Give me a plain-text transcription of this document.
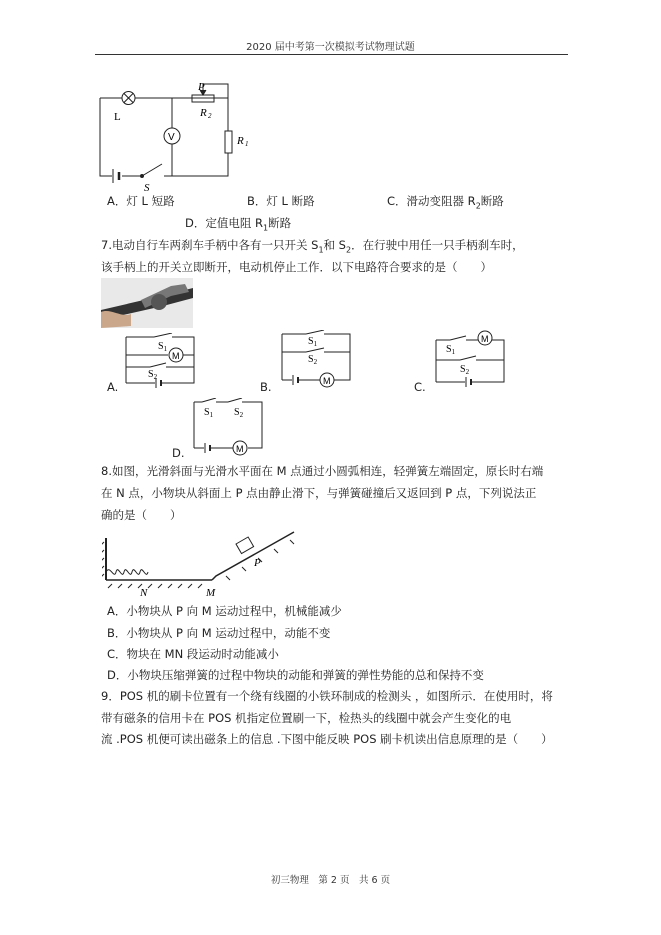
2020 届中考第一次模拟考试物理试题
P
R 2
R 1
V
L
S
A．灯 L 短路	B．灯 L 断路	C．滑动变阻器 $R_2$断路
D．定值电阻 $R_1$断路
7.电动自行车两刹车手柄中各有一只开关 $S_1$和 $S_2$．在行驶中用任一只手柄刹车时，
该手柄上的开关立即断开，电动机停止工作．以下电路符合要求的是（　　）
$S_1$
$S_2$
M
A.
$S_1$
$S_2$
M
B.
$S_1$
$S_2$
M
C.
$S_1$ $S_2$
M
D.
8.如图，光滑斜面与光滑水平面在 M 点通过小圆弧相连，轻弹簧左端固定，原长时右端
在 N 点，小物块从斜面上 P 点由静止滑下，与弹簧碰撞后又返回到 P 点，下列说法正
确的是（　　）
N	M
P
A．小物块从 P 向 M 运动过程中，机械能减少
B．小物块从 P 向 M 运动过程中，动能不变
C．物块在 MN 段运动时动能减小
D．小物块压缩弹簧的过程中物块的动能和弹簧的弹性势能的总和保持不变
9．POS 机的刷卡位置有一个绕有线圈的小铁环制成的检测头 ，如图所示．在使用时，将
带有磁条的信用卡在 POS 机指定位置刷一下，检热头的线圈中就会产生变化的电
流 .POS 机便可读出磁条上的信息 .下图中能反映 POS 刷卡机读出信息原理的是（　　）
初三物理　第 2 页　共 6 页
